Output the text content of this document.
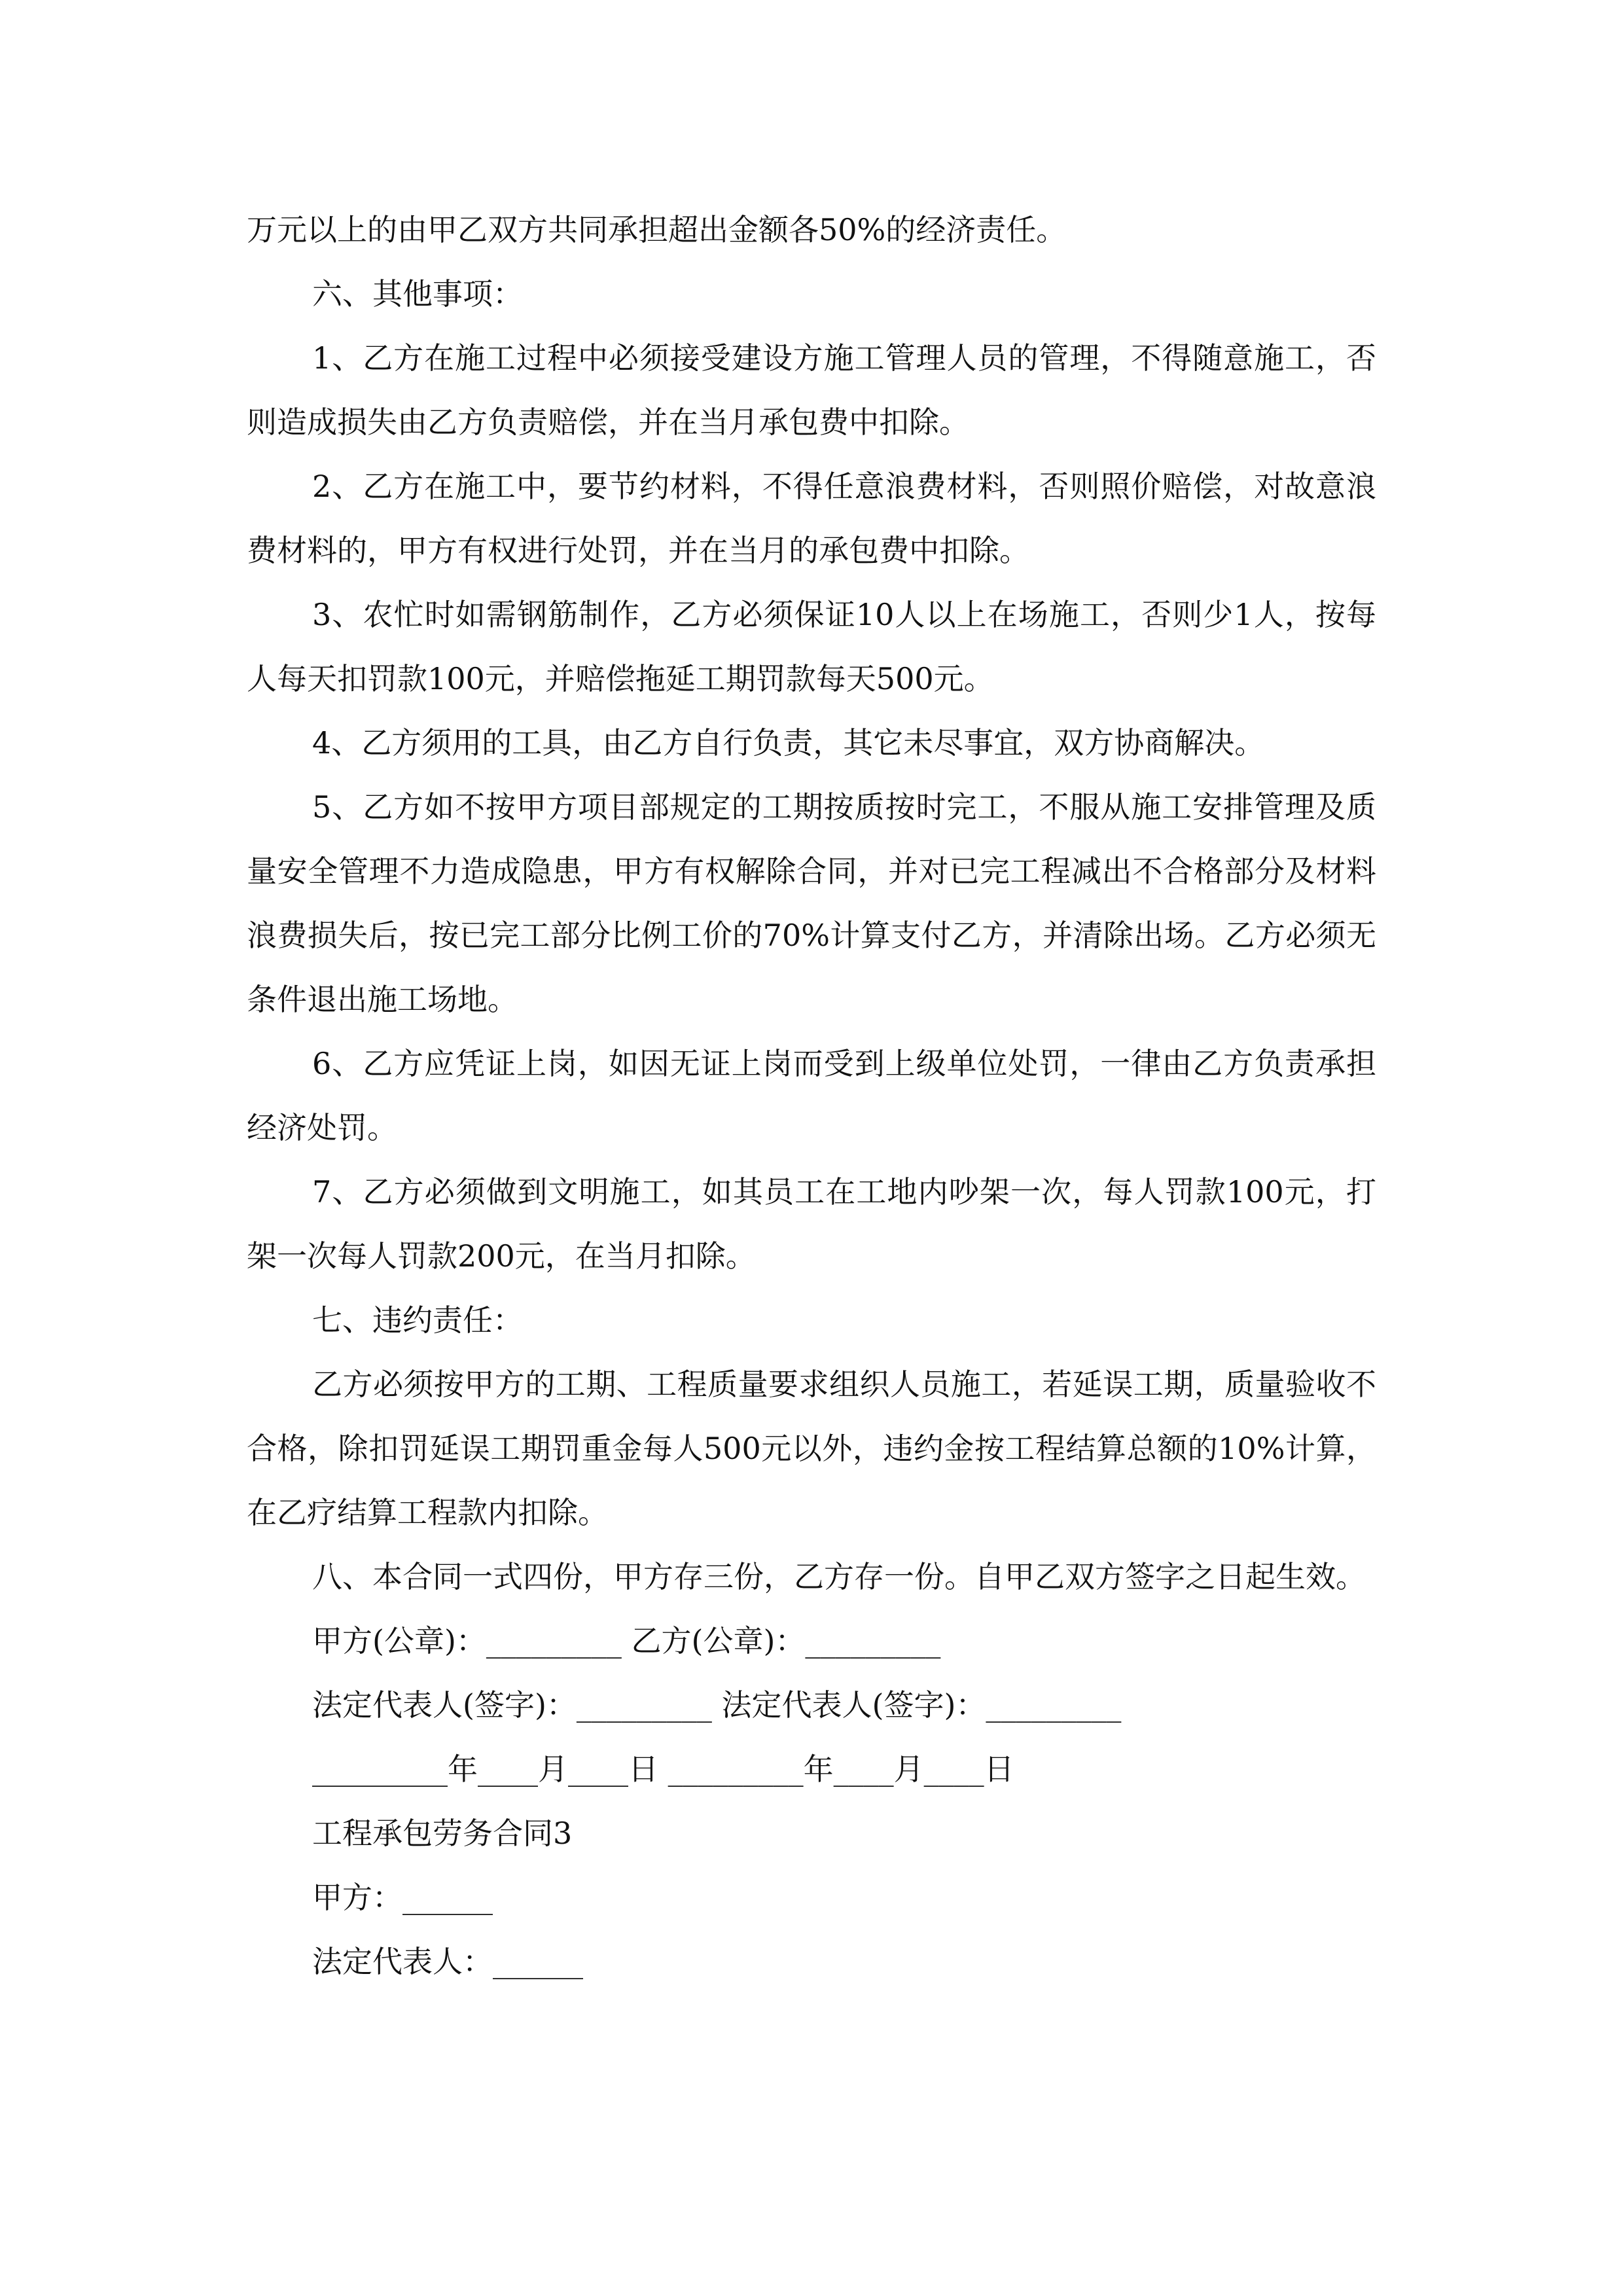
万元以上的由甲乙双方共同承担超出金额各50%的经济责任。

六、其他事项：

1、乙方在施工过程中必须接受建设方施工管理人员的管理，不得随意施工，否则造成损失由乙方负责赔偿，并在当月承包费中扣除。

2、乙方在施工中，要节约材料，不得任意浪费材料，否则照价赔偿，对故意浪费材料的，甲方有权进行处罚，并在当月的承包费中扣除。

3、农忙时如需钢筋制作，乙方必须保证10人以上在场施工，否则少1人，按每人每天扣罚款100元，并赔偿拖延工期罚款每天500元。

4、乙方须用的工具，由乙方自行负责，其它未尽事宜，双方协商解决。

5、乙方如不按甲方项目部规定的工期按质按时完工，不服从施工安排管理及质量安全管理不力造成隐患，甲方有权解除合同，并对已完工程减出不合格部分及材料浪费损失后，按已完工部分比例工价的70%计算支付乙方，并清除出场。乙方必须无条件退出施工场地。

6、乙方应凭证上岗，如因无证上岗而受到上级单位处罚，一律由乙方负责承担经济处罚。

7、乙方必须做到文明施工，如其员工在工地内吵架一次，每人罚款100元，打架一次每人罚款200元，在当月扣除。

七、违约责任：

乙方必须按甲方的工期、工程质量要求组织人员施工，若延误工期，质量验收不合格，除扣罚延误工期罚重金每人500元以外，违约金按工程结算总额的10%计算，在乙疗结算工程款内扣除。

八、本合同一式四份，甲方存三份，乙方存一份。自甲乙双方签字之日起生效。

甲方(公章)：_________ 乙方(公章)：_________

法定代表人(签字)：_________ 法定代表人(签字)：_________

_________年____月____日 _________年____月____日

工程承包劳务合同3

甲方：______

法定代表人：______
